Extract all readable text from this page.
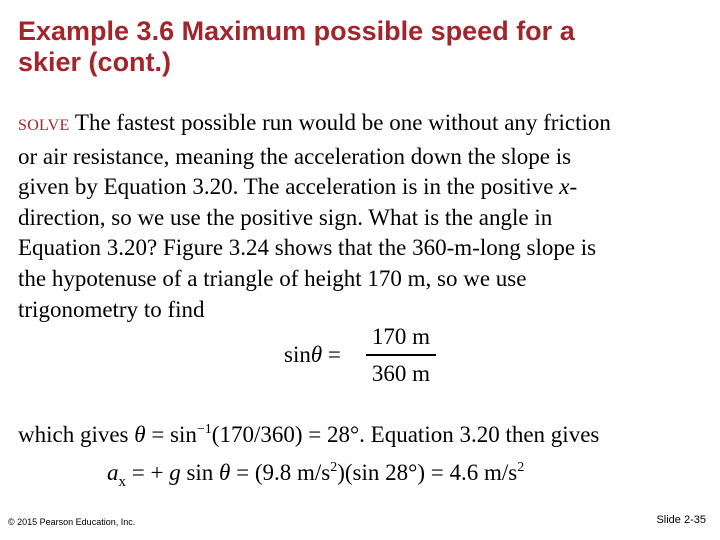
Example 3.6 Maximum possible speed for a
skier (cont.)
SOLVE The fastest possible run would be one without any friction
or air resistance, meaning the acceleration down the slope is
given by Equation 3.20. The acceleration is in the positive x-
direction, so we use the positive sign. What is the angle in
Equation 3.20? Figure 3.24 shows that the 360-m-long slope is
the hypotenuse of a triangle of height 170 m, so we use
trigonometry to find
sinθ =
170 m
360 m
which gives $\theta = \sin^{-1}(170/360) = 28^\circ$. Equation 3.20 then gives
$a_x$ = + g sin θ = (9.8 $m/s^2)(\sin$ 28°) = 4.6 $m/s^2$
© 2015 Pearson Education, Inc.	Slide 2-35
